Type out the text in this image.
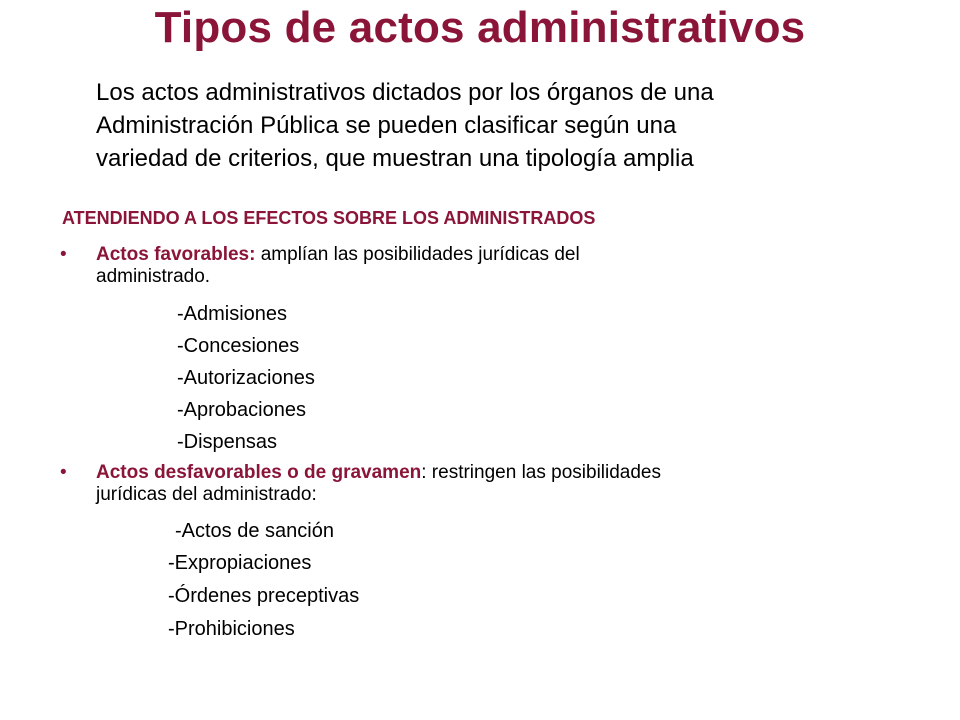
Tipos de actos administrativos
Los actos administrativos dictados por los órganos de una
Administración Pública se pueden clasificar según una
variedad de criterios, que muestran una tipología amplia
ATENDIENDO A LOS EFECTOS SOBRE LOS ADMINISTRADOS
• Actos favorables: amplían las posibilidades jurídicas del
administrado.
-Admisiones
-Concesiones
-Autorizaciones
-Aprobaciones
-Dispensas
• Actos desfavorables o de gravamen: restringen las posibilidades
jurídicas del administrado:
-Actos de sanción
-Expropiaciones
-Órdenes preceptivas
-Prohibiciones
